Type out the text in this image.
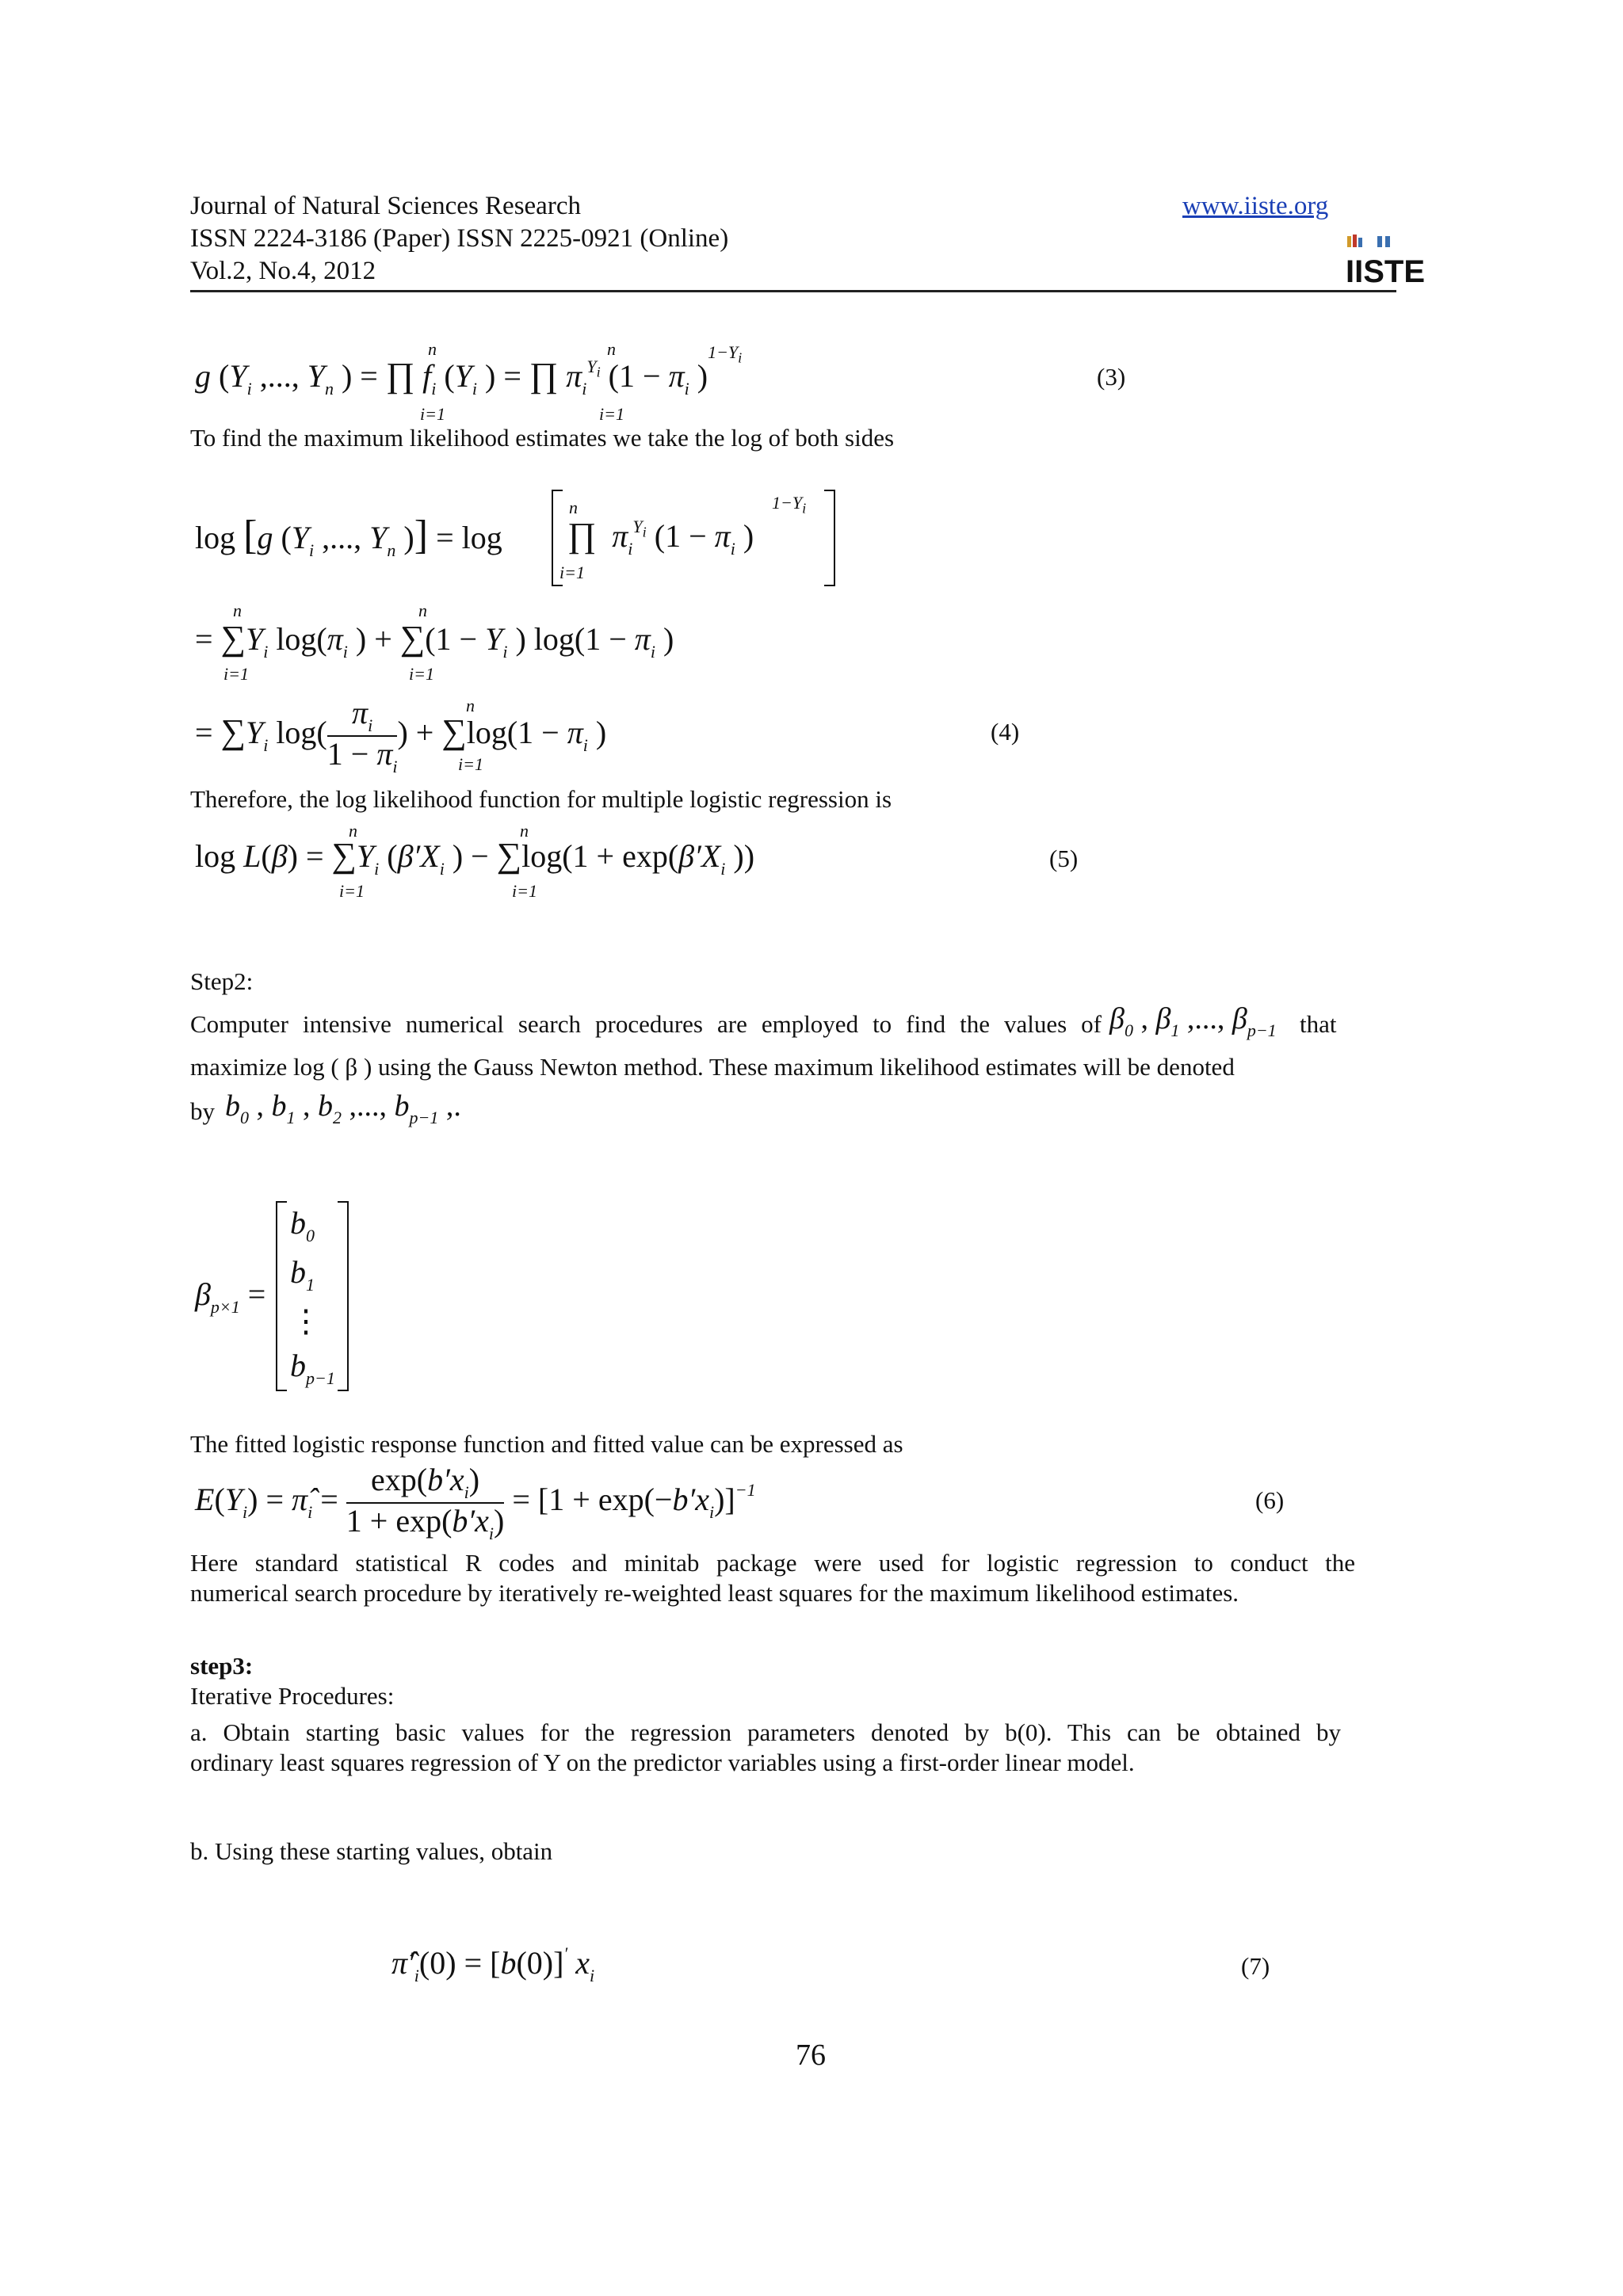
Journal of Natural Sciences Research	www.iiste.org
ISSN 2224-3186 (Paper) ISSN 2225-0921 (Online)
Vol.2, No.4, 2012	IISTE
g ($Y_i$ ,..., $Y_n$ ) = ∏ $f_i$ ($Y_i$ ) = ∏ $\pi_i^{Y_i}$ ($1 - \pi_i$ )$^{1-Y_i}$
n
i=1
n
i=1
(3)
To find the maximum likelihood estimates we take the log of both sides
log [g ($Y_i$ ,..., $Y_n$ )] = log ∏ $\pi_i^{Y_i}$ ($1 - \pi_i$ )
$1-Y_i$
n
i=1
= $\sum Y_i$ $\log(\pi_i$ ) + $\sum(1 - Y_i$ ) $\log(1 - \pi_i$ )
n
i=1
n
i=1
= $\sum Y_i$ $\log( \frac{\pi_i}{1 - \pi_i}$ ) + $\sum\log(1 - \pi_i$ )
n
i=1
(4)
Therefore, the log likelihood function for multiple logistic regression is
$\log L(\beta) = \sum Y_i$ ($\beta'X_i$ ) − $\sum\log(1 + \exp(\beta'X_i$ ))
n
i=1
n
i=1
(5)
Step2:
Computer intensive numerical search procedures are employed to find the values of $\beta_0$ , $\beta_1$ ,..., $\beta_{p-1}$ that
maximize log ( β ) using the Gauss Newton method. These maximum likelihood estimates will be denoted
by $b_0$ , $b_1$ , $b_2$ ,..., $b_{p-1}$ ,.
$\beta_{p\times 1}$ =
$b_0$
$b_1$
⋮
$b_{p-1}$
The fitted logistic response function and fitted value can be expressed as
$E(Y_i)$ = $\pî_i = \frac{\exp(b'x_i)}{1 + \exp(b'x_i)} = [1 + \exp(-b'x_i)]^{-1}$	(6)
Here standard statistical R codes and minitab package were used for logistic regression to conduct the
numerical search procedure by iteratively re-weighted least squares for the maximum likelihood estimates.
step3:
Iterative Procedures:
a. Obtain starting basic values for the regression parameters denoted by b(0). This can be obtained by
ordinary least squares regression of Y on the predictor variables using a first-order linear model.
b. Using these starting values, obtain
$\pî'_i(0) = [b(0)]'$ $x_i$	(7)
76
